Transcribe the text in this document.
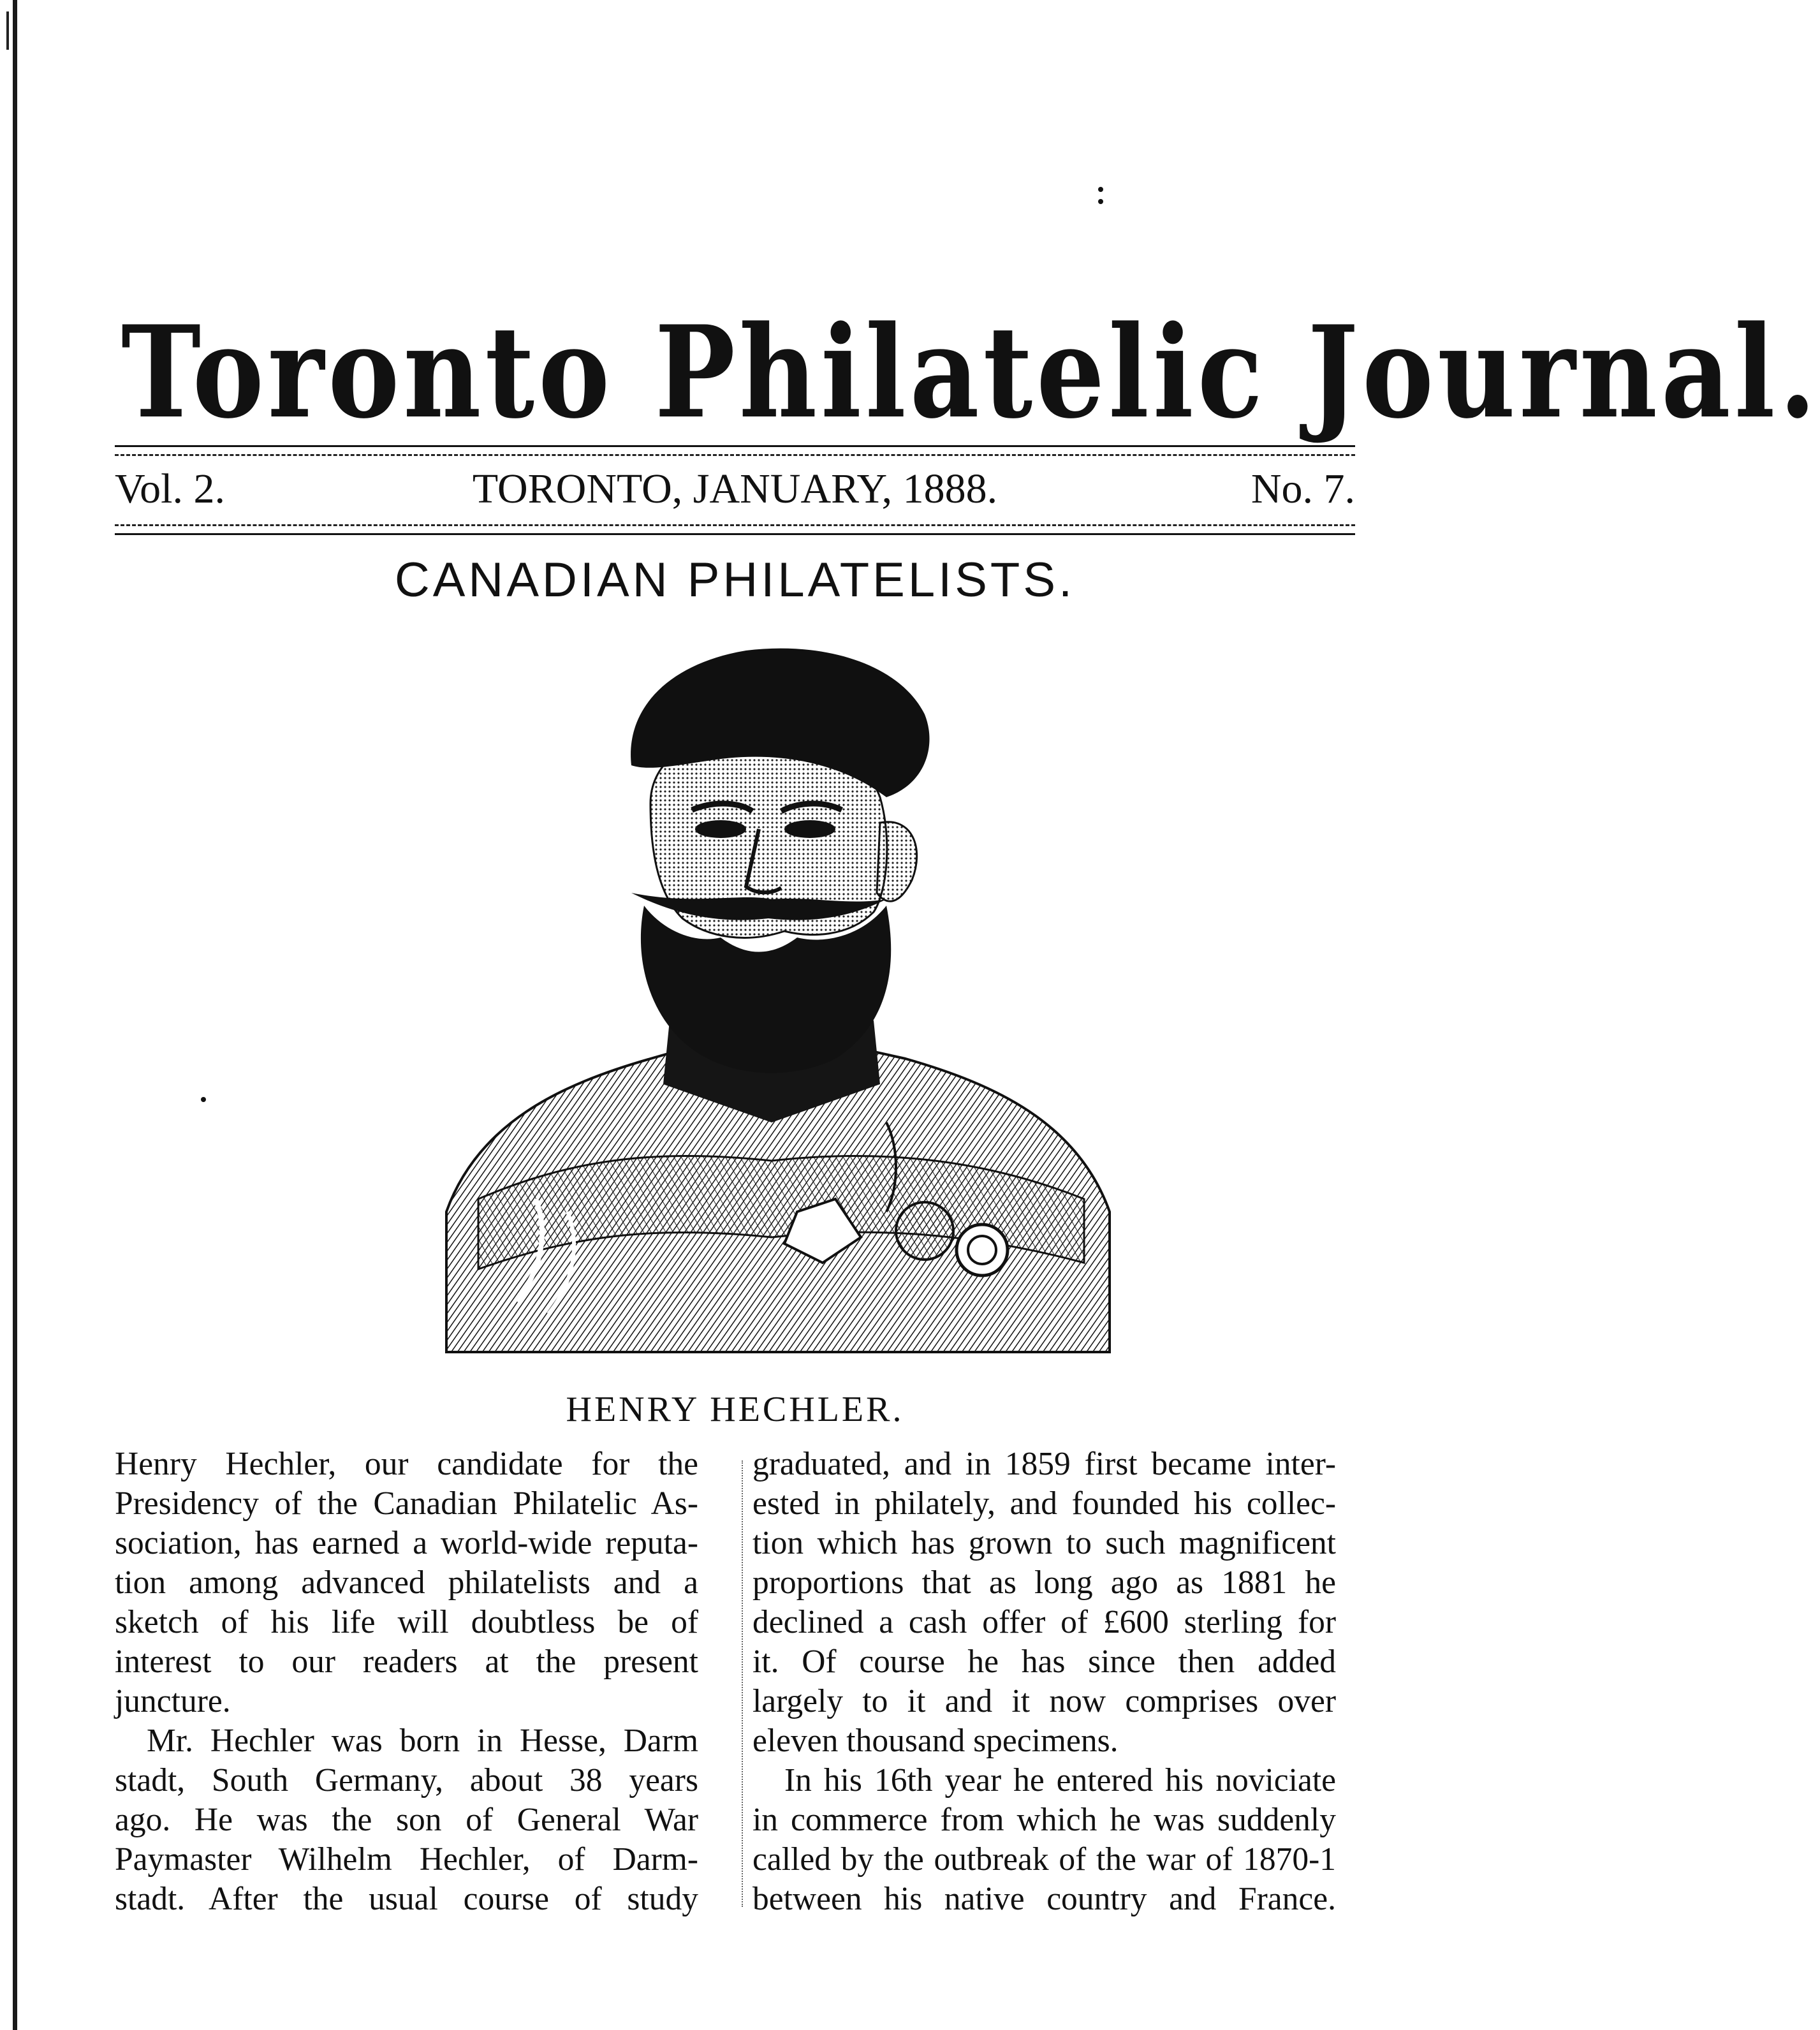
Toronto Philatelic Journal.
Vol. 2.	TORONTO, JANUARY, 1888.	No. 7.
CANADIAN PHILATELISTS.
HENRY HECHLER.
Henry Hechler, our candidate for the
Presidency of the Canadian Philatelic As-
sociation, has earned a world-wide reputa-
tion among advanced philatelists and a
sketch of his life will doubtless be of
interest to our readers at the present
juncture.
Mr. Hechler was born in Hesse, Darm
stadt, South Germany, about 38 years
ago. He was the son of General War
Paymaster Wilhelm Hechler, of Darm-
stadt. After the usual course of study
graduated, and in 1859 first became inter-
ested in philately, and founded his collec-
tion which has grown to such magnificent
proportions that as long ago as 1881 he
declined a cash offer of £600 sterling for
it. Of course he has since then added
largely to it and it now comprises over
eleven thousand specimens.
In his 16th year he entered his noviciate
in commerce from which he was suddenly
called by the outbreak of the war of 1870-1
between his native country and France.
